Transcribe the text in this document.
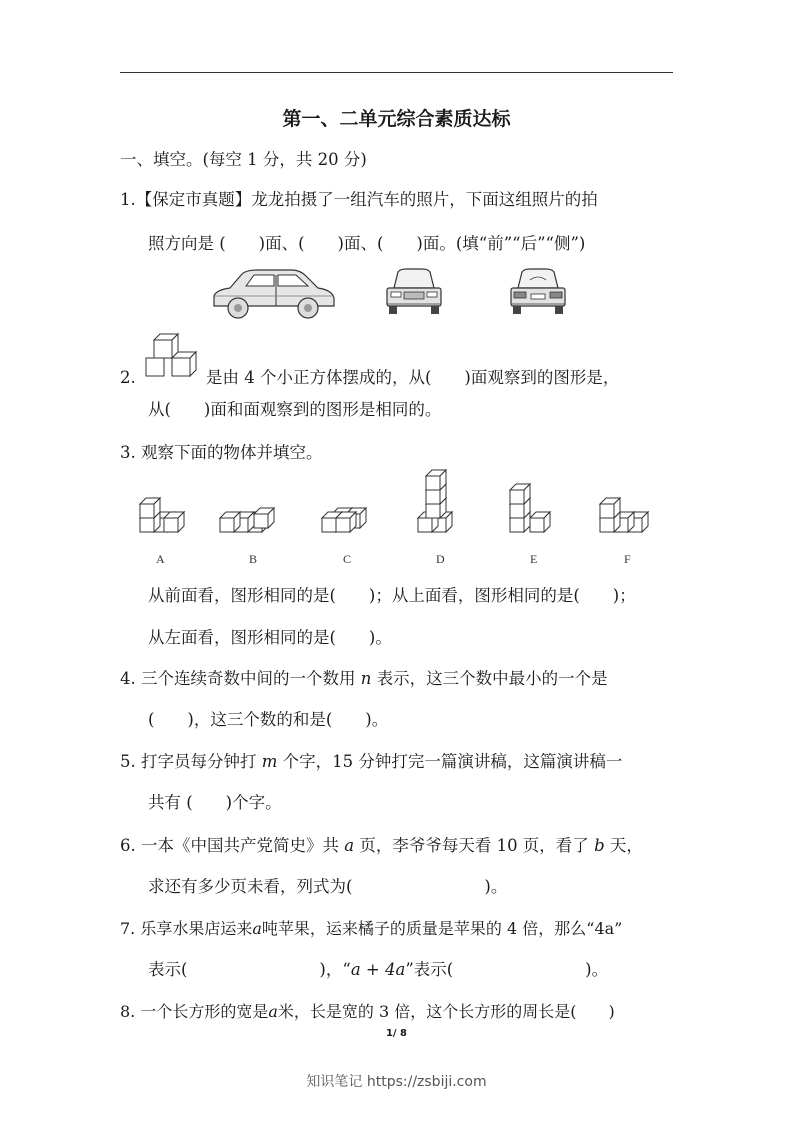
第一、二单元综合素质达标
一、填空。(每空 1 分，共 20 分)
1.【保定市真题】龙龙拍摄了一组汽车的照片，下面这组照片的拍
照方向是 (　　)面、(　　)面、(　　)面。(填“前”“后”“侧”)
2.	是由 4 个小正方体摆成的，从(　　)面观察到的图形是，
从(　　)面和面观察到的图形是相同的。
3. 观察下面的物体并填空。
A	B	C	D	E	F
从前面看，图形相同的是(　　)；从上面看，图形相同的是(　　)；
从左面看，图形相同的是(　　)。
4. 三个连续奇数中间的一个数用 n 表示，这三个数中最小的一个是
(　　)，这三个数的和是(　　)。
5. 打字员每分钟打 m 个字，15 分钟打完一篇演讲稿，这篇演讲稿一
共有 (　　)个字。
6. 一本《中国共产党简史》共 a 页，李爷爷每天看 10 页，看了 b 天，
求还有多少页未看，列式为(　　　　　　　　)。
7. 乐享水果店运来a吨苹果，运来橘子的质量是苹果的 4 倍，那么“4a”
表示(　　　　　　　　)，“a + 4a”表示(　　　　　　　　)。
8. 一个长方形的宽是a米，长是宽的 3 倍，这个长方形的周长是(　　)
1/ 8
知识笔记 https://zsbiji.com
